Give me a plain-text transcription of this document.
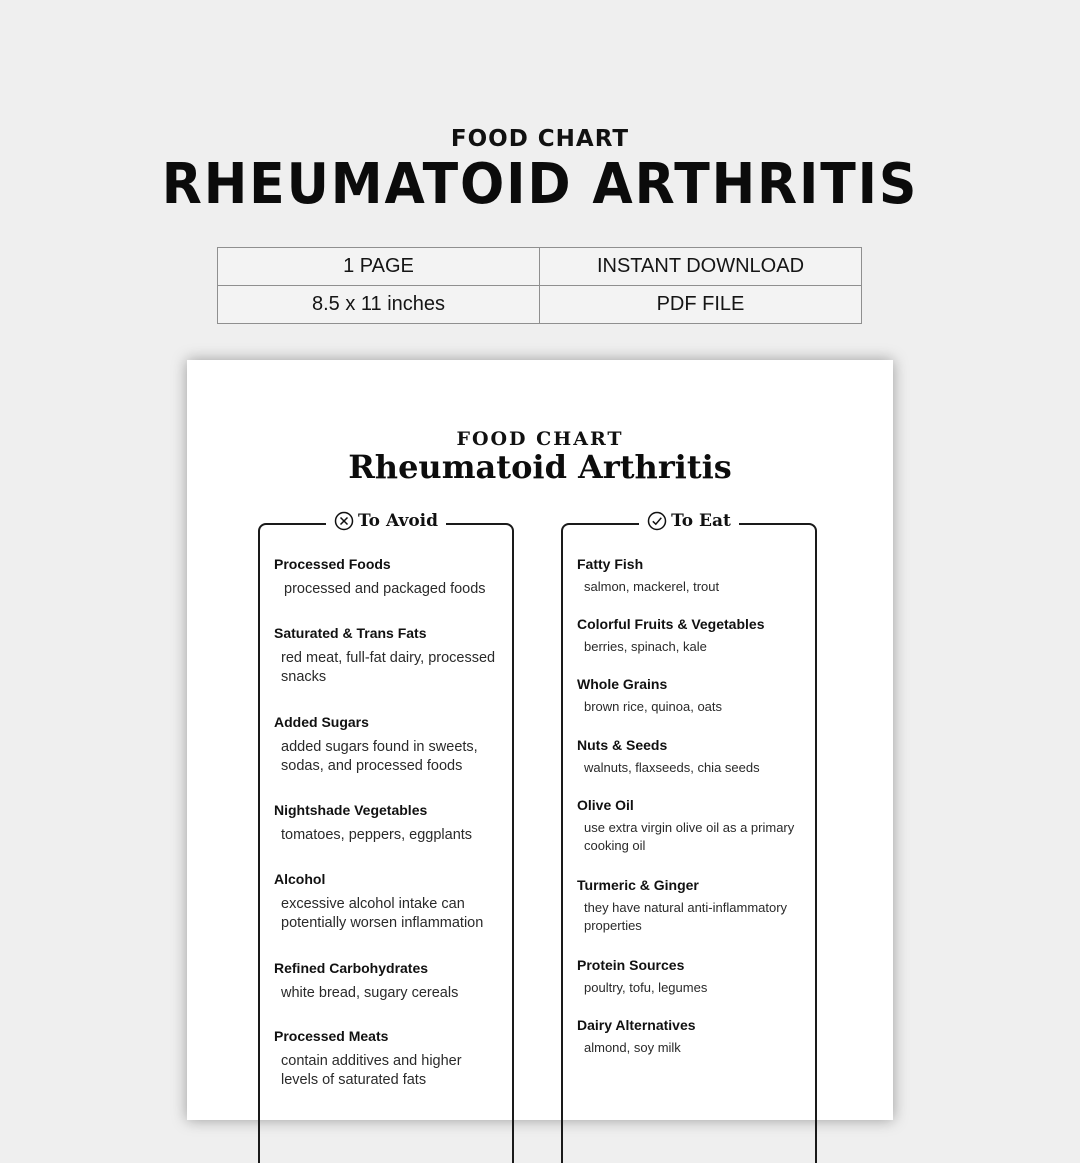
FOOD CHART
RHEUMATOID ARTHRITIS
1 PAGE	INSTANT DOWNLOAD
8.5 x 11 inches	PDF FILE
FOOD CHART
Rheumatoid Arthritis
To Avoid
Processed Foods
processed and packaged foods
Saturated & Trans Fats
red meat, full-fat dairy, processed snacks
Added Sugars
added sugars found in sweets, sodas, and processed foods
Nightshade Vegetables
tomatoes, peppers, eggplants
Alcohol
excessive alcohol intake can potentially worsen inflammation
Refined Carbohydrates
white bread, sugary cereals
Processed Meats
contain additives and higher levels of saturated fats
To Eat
Fatty Fish
salmon, mackerel, trout
Colorful Fruits & Vegetables
berries, spinach, kale
Whole Grains
brown rice, quinoa, oats
Nuts & Seeds
walnuts, flaxseeds, chia seeds
Olive Oil
use extra virgin olive oil as a primary cooking oil
Turmeric & Ginger
they have natural anti-inflammatory properties
Protein Sources
poultry, tofu, legumes
Dairy Alternatives
almond, soy milk
